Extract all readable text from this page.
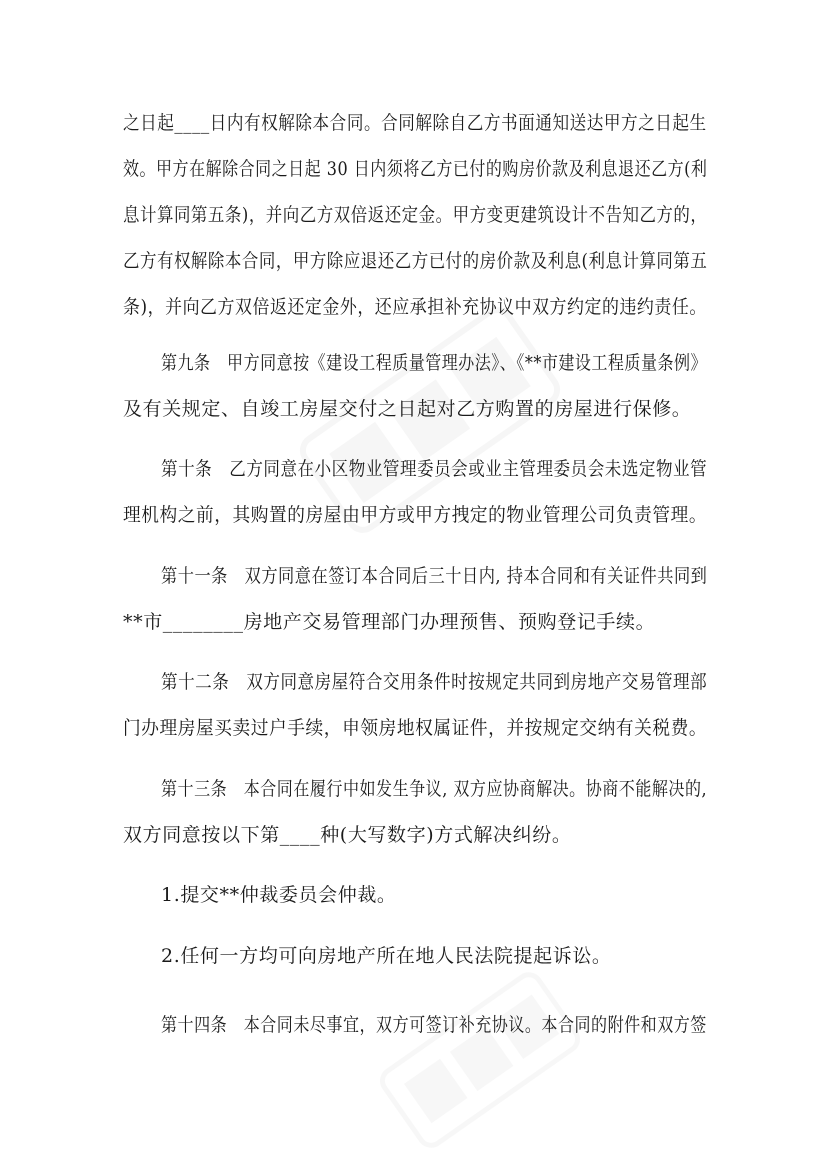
之日起____日内有权解除本合同。合同解除自乙方书面通知送达甲方之日起生
效。甲方在解除合同之日起 30 日内须将乙方已付的购房价款及利息退还乙方(利
息计算同第五条)，并向乙方双倍返还定金。甲方变更建筑设计不告知乙方的，
乙方有权解除本合同，甲方除应退还乙方已付的房价款及利息(利息计算同第五
条)，并向乙方双倍返还定金外，还应承担补充协议中双方约定的违约责任。
第九条　甲方同意按《建设工程质量管理办法》、《**市建设工程质量条例》
及有关规定、自竣工房屋交付之日起对乙方购置的房屋进行保修。
第十条　乙方同意在小区物业管理委员会或业主管理委员会未选定物业管
理机构之前，其购置的房屋由甲方或甲方拽定的物业管理公司负责管理。
第十一条　双方同意在签订本合同后三十日内, 持本合同和有关证件共同到
**市________房地产交易管理部门办理预售、预购登记手续。
第十二条　双方同意房屋符合交用条件时按规定共同到房地产交易管理部
门办理房屋买卖过户手续，申领房地权属证件，并按规定交纳有关税费。
第十三条　本合同在履行中如发生争议, 双方应协商解决。协商不能解决的,
双方同意按以下第____种(大写数字)方式解决纠纷。
1.提交**仲裁委员会仲裁。
2.任何一方均可向房地产所在地人民法院提起诉讼。
第十四条　本合同未尽事宜，双方可签订补充协议。本合同的附件和双方签
